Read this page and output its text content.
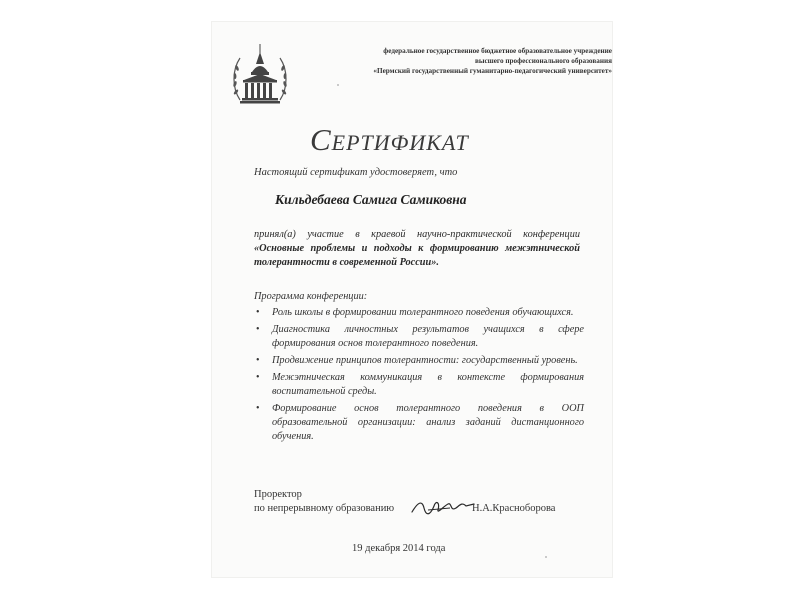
федеральное государственное бюджетное образовательное учреждение
высшего профессионального образования
«Пермский государственный гуманитарно-педагогический университет»
Сертификат
Настоящий сертификат удостоверяет, что
Кильдебаева Самига Самиковна
принял(а) участие в краевой научно-практической конференции «Основные проблемы и подходы к формированию межэтнической толерантности в современной России».
Программа конференции:
• Роль школы в формировании толерантного поведения обучающихся.
• Диагностика личностных результатов учащихся в сфере формирования основ толерантного поведения.
• Продвижение принципов толерантности: государственный уровень.
• Межэтническая коммуникация в контексте формирования воспитательной среды.
• Формирование основ толерантного поведения в ООП образовательной организации: анализ заданий дистанционного обучения.
Проректор
по непрерывному образованию	Н.А.Красноборова
19 декабря 2014 года
